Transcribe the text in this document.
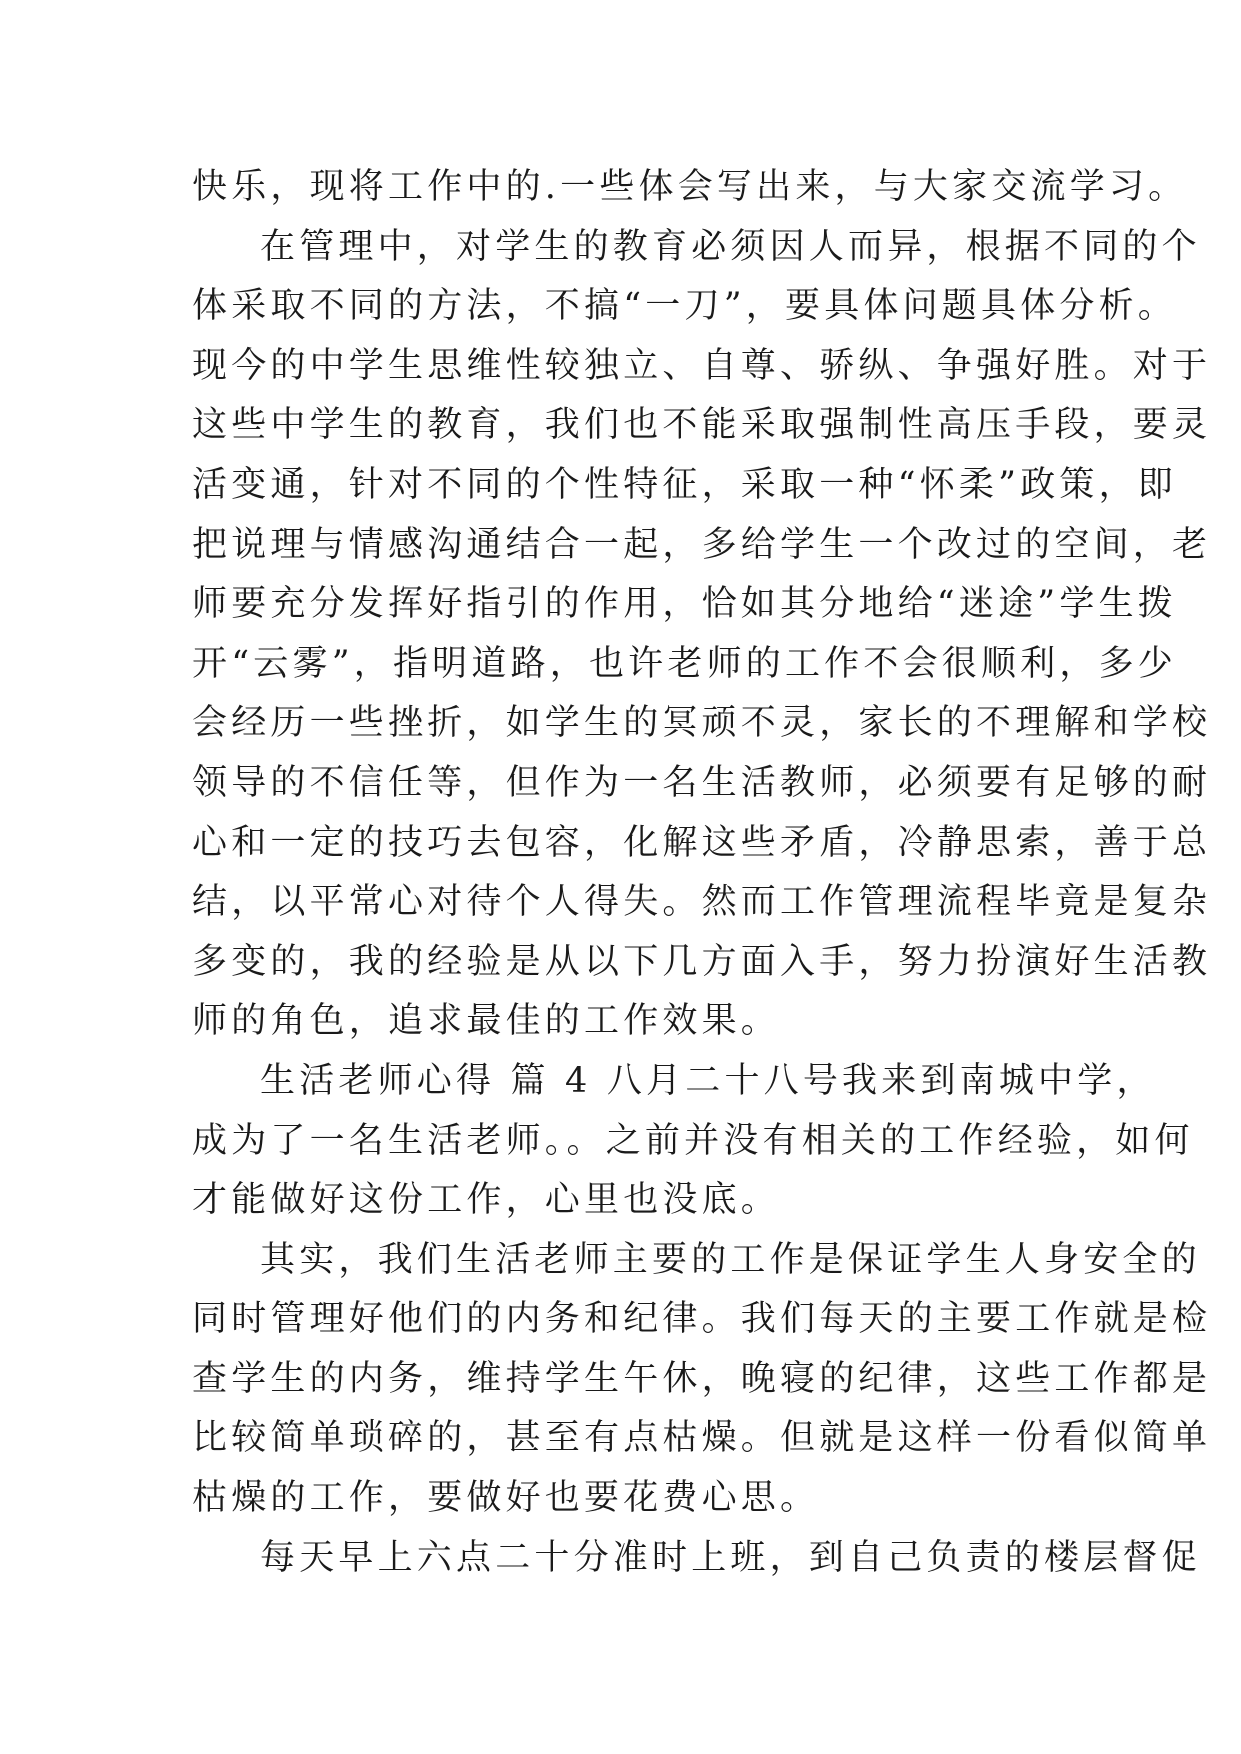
快乐，现将工作中的.一些体会写出来，与大家交流学习。
在管理中，对学生的教育必须因人而异，根据不同的个
体采取不同的方法，不搞“一刀”，要具体问题具体分析。
现今的中学生思维性较独立、自尊、骄纵、争强好胜。对于
这些中学生的教育，我们也不能采取强制性高压手段，要灵
活变通，针对不同的个性特征，采取一种“怀柔”政策，即
把说理与情感沟通结合一起，多给学生一个改过的空间，老
师要充分发挥好指引的作用，恰如其分地给“迷途”学生拨
开“云雾”，指明道路，也许老师的工作不会很顺利，多少
会经历一些挫折，如学生的冥顽不灵，家长的不理解和学校
领导的不信任等，但作为一名生活教师，必须要有足够的耐
心和一定的技巧去包容，化解这些矛盾，冷静思索，善于总
结，以平常心对待个人得失。然而工作管理流程毕竟是复杂
多变的，我的经验是从以下几方面入手，努力扮演好生活教
师的角色，追求最佳的工作效果。
生活老师心得 篇 4 八月二十八号我来到南城中学，
成为了一名生活老师。。之前并没有相关的工作经验，如何
才能做好这份工作，心里也没底。
其实，我们生活老师主要的工作是保证学生人身安全的
同时管理好他们的内务和纪律。我们每天的主要工作就是检
查学生的内务，维持学生午休，晚寝的纪律，这些工作都是
比较简单琐碎的，甚至有点枯燥。但就是这样一份看似简单
枯燥的工作，要做好也要花费心思。
每天早上六点二十分准时上班，到自己负责的楼层督促
